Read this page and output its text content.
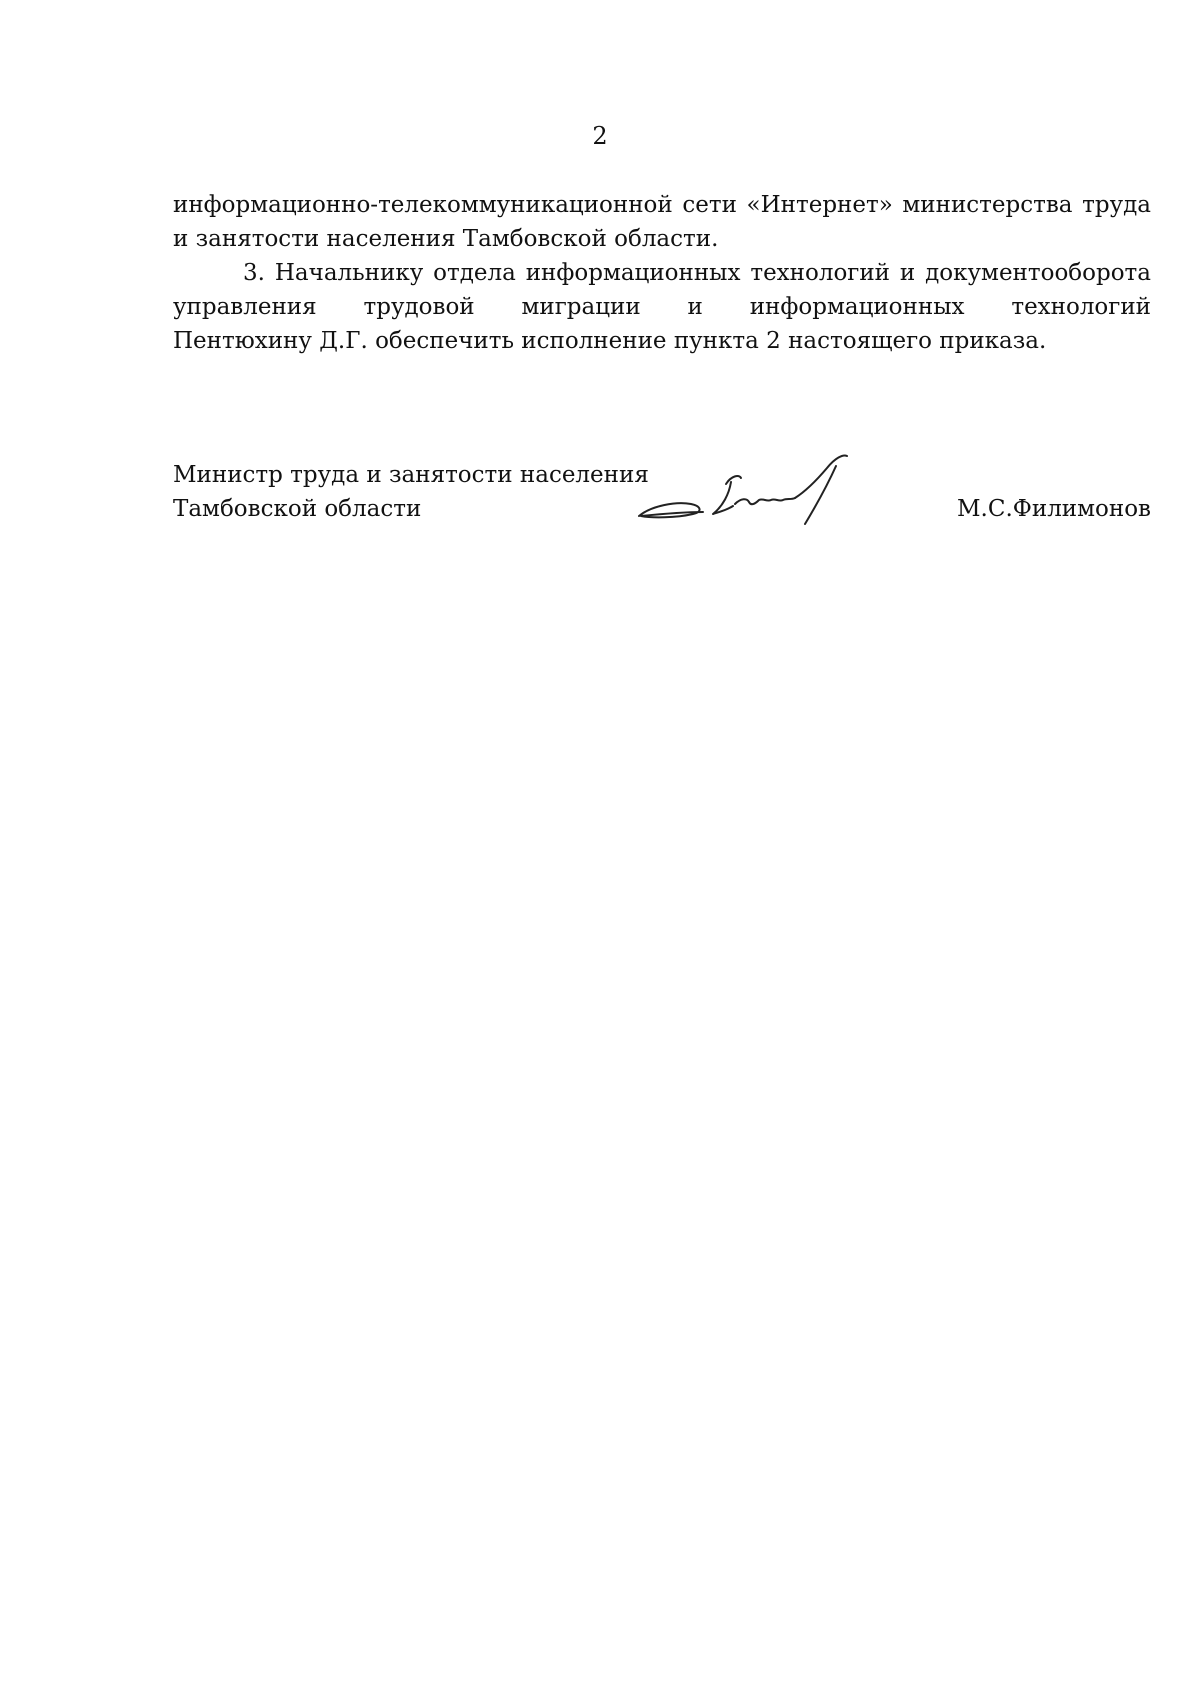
2
информационно-телекоммуникационной сети «Интернет» министерства труда
и занятости населения Тамбовской области.
3. Начальнику отдела информационных технологий и документооборота
управления трудовой миграции и информационных технологий
Пентюхину Д.Г. обеспечить исполнение пункта 2 настоящего приказа.
Министр труда и занятости населения
Тамбовской области	М.С.Филимонов
